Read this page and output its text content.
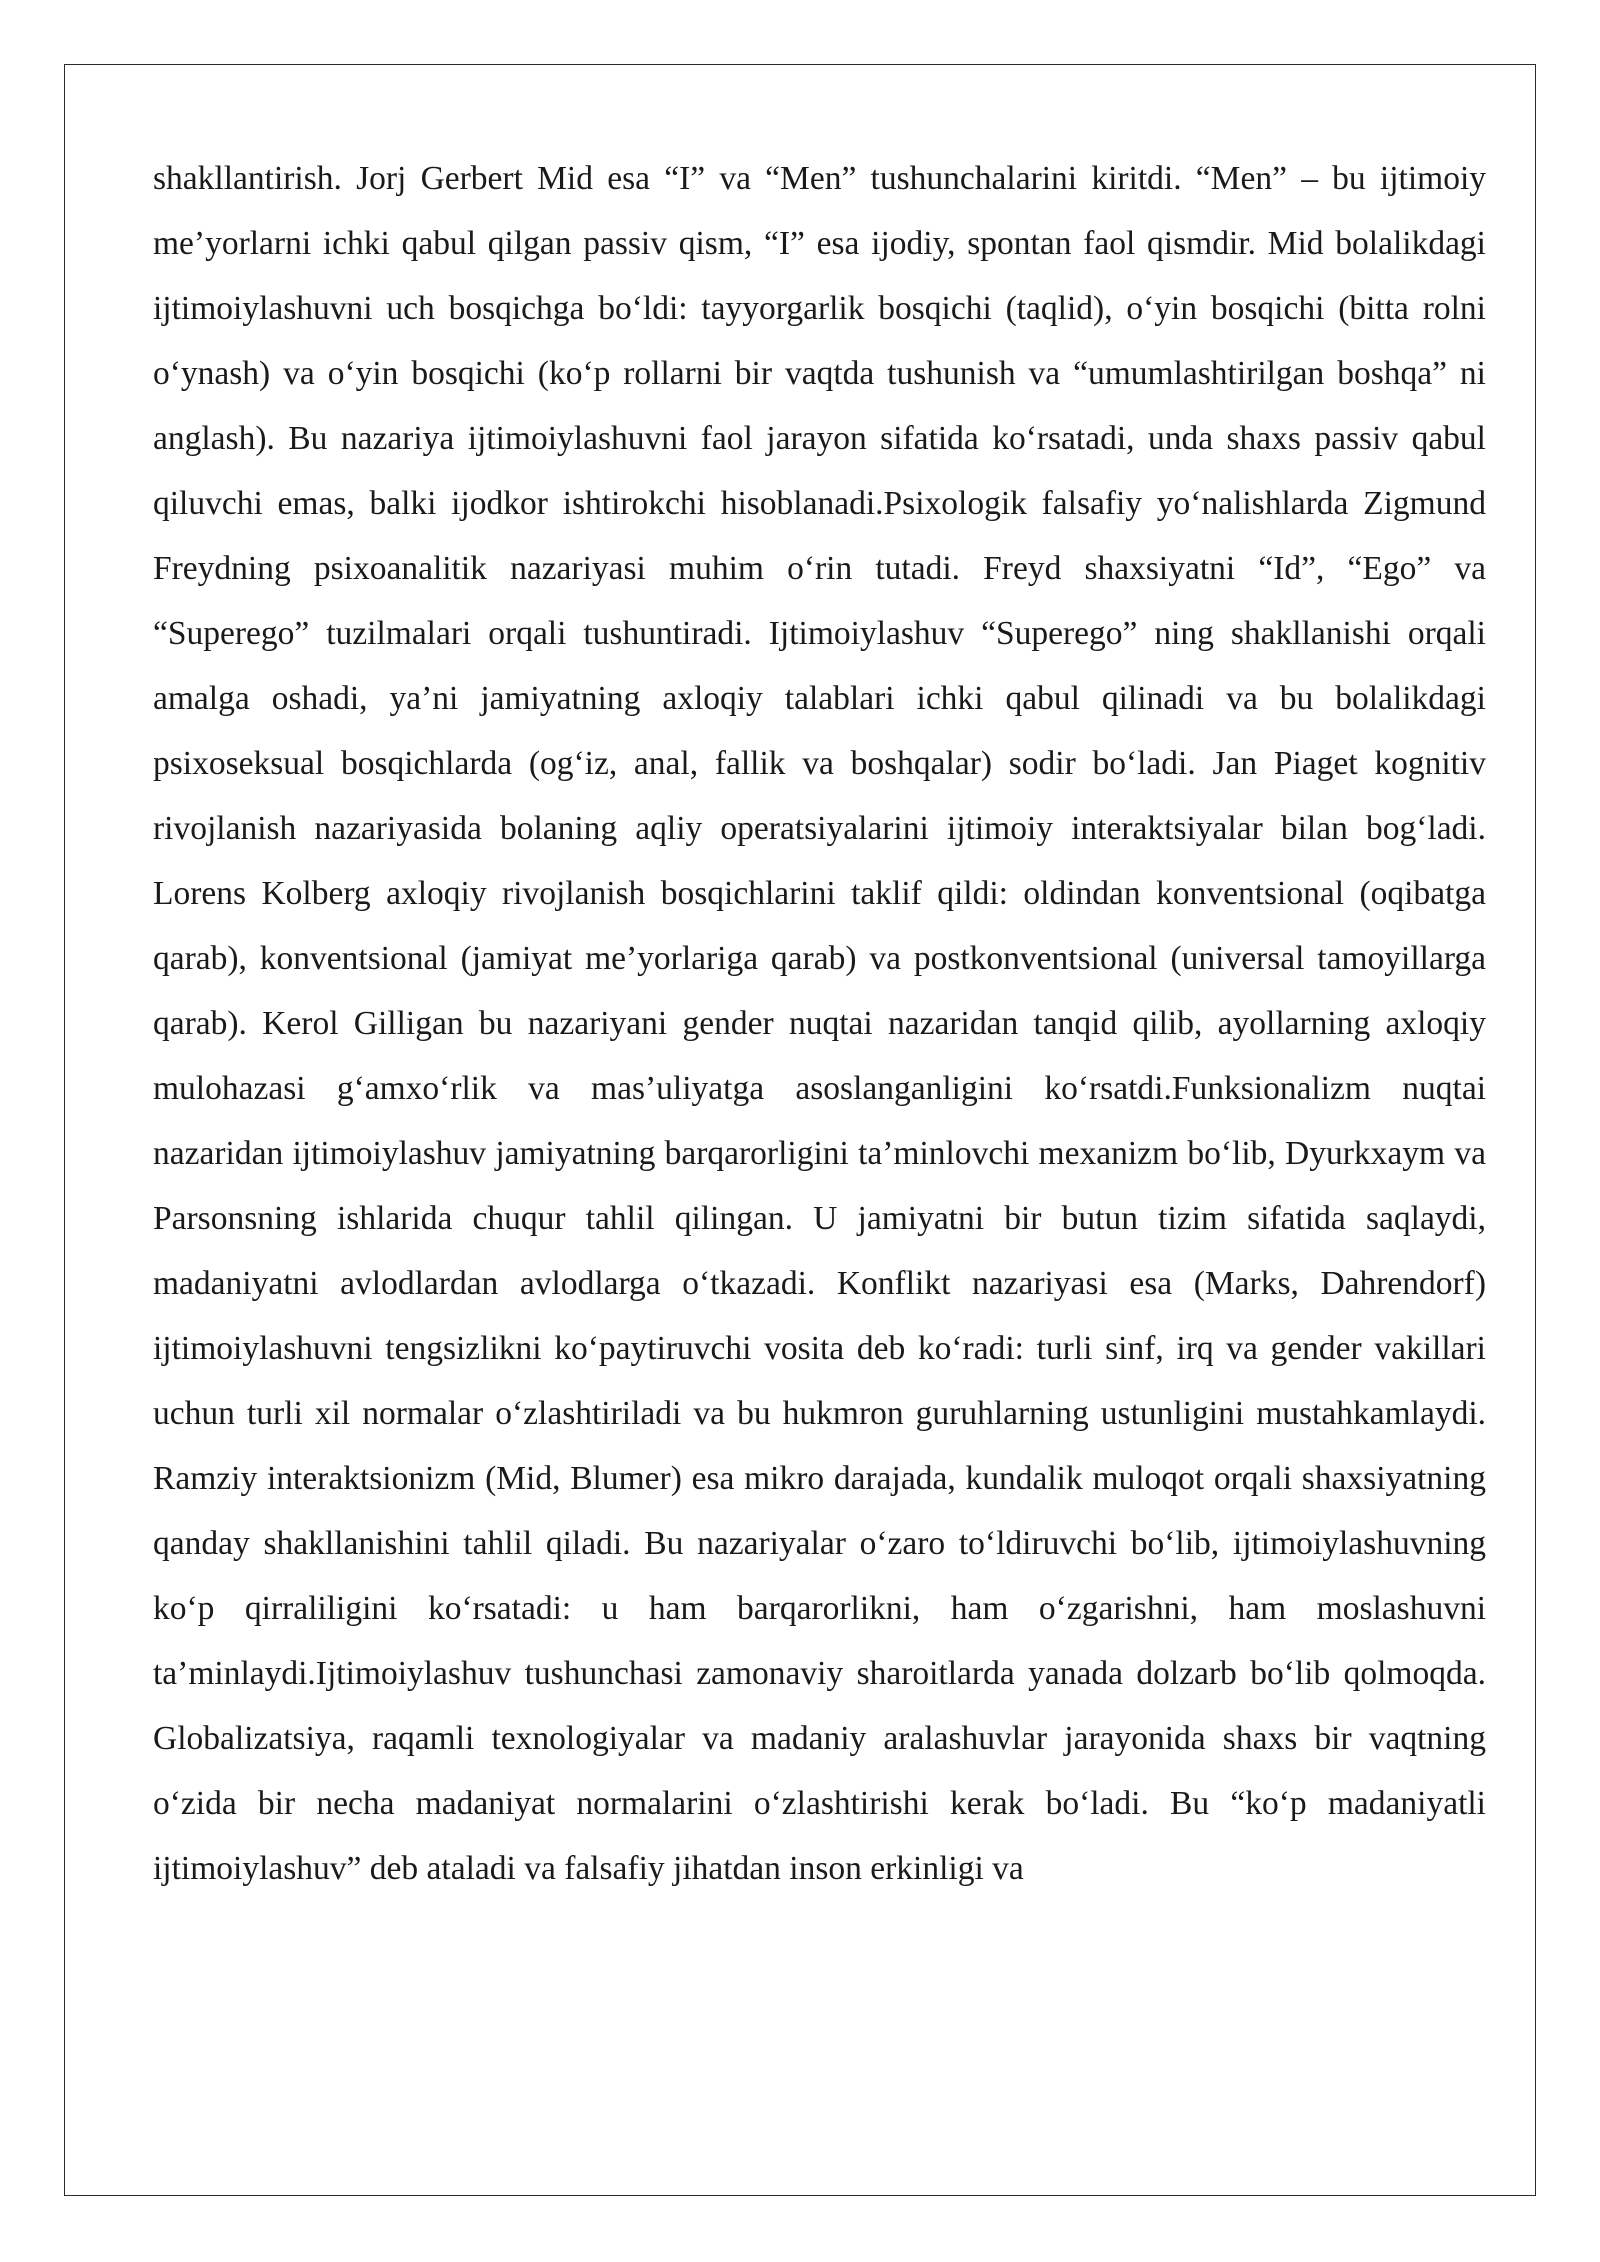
shakllantirish. Jorj Gerbert Mid esa “I” va “Men” tushunchalarini kiritdi. “Men” – bu ijtimoiy me’yorlarni ichki qabul qilgan passiv qism, “I” esa ijodiy, spontan faol qismdir. Mid bolalikdagi ijtimoiylashuvni uch bosqichga bo‘ldi: tayyorgarlik bosqichi (taqlid), o‘yin bosqichi (bitta rolni o‘ynash) va o‘yin bosqichi (ko‘p rollarni bir vaqtda tushunish va “umumlashtirilgan boshqa” ni anglash). Bu nazariya ijtimoiylashuvni faol jarayon sifatida ko‘rsatadi, unda shaxs passiv qabul qiluvchi emas, balki ijodkor ishtirokchi hisoblanadi.Psixologik falsafiy yo‘nalishlarda Zigmund Freydning psixoanalitik nazariyasi muhim o‘rin tutadi. Freyd shaxsiyatni “Id”, “Ego” va “Superego” tuzilmalari orqali tushuntiradi. Ijtimoiylashuv “Superego” ning shakllanishi orqali amalga oshadi, ya’ni jamiyatning axloqiy talablari ichki qabul qilinadi va bu bolalikdagi psixoseksual bosqichlarda (og‘iz, anal, fallik va boshqalar) sodir bo‘ladi. Jan Piaget kognitiv rivojlanish nazariyasida bolaning aqliy operatsiyalarini ijtimoiy interaktsiyalar bilan bog‘ladi. Lorens Kolberg axloqiy rivojlanish bosqichlarini taklif qildi: oldindan konventsional (oqibatga qarab), konventsional (jamiyat me’yorlariga qarab) va postkonventsional (universal tamoyillarga qarab). Kerol Gilligan bu nazariyani gender nuqtai nazaridan tanqid qilib, ayollarning axloqiy mulohazasi g‘amxo‘rlik va mas’uliyatga asoslanganligini ko‘rsatdi.Funksionalizm nuqtai nazaridan ijtimoiylashuv jamiyatning barqarorligini ta’minlovchi mexanizm bo‘lib, Dyurkxaym va Parsonsning ishlarida chuqur tahlil qilingan. U jamiyatni bir butun tizim sifatida saqlaydi, madaniyatni avlodlardan avlodlarga o‘tkazadi. Konflikt nazariyasi esa (Marks, Dahrendorf) ijtimoiylashuvni tengsizlikni ko‘paytiruvchi vosita deb ko‘radi: turli sinf, irq va gender vakillari uchun turli xil normalar o‘zlashtiriladi va bu hukmron guruhlarning ustunligini mustahkamlaydi. Ramziy interaktsionizm (Mid, Blumer) esa mikro darajada, kundalik muloqot orqali shaxsiyatning qanday shakllanishini tahlil qiladi. Bu nazariyalar o‘zaro to‘ldiruvchi bo‘lib, ijtimoiylashuvning ko‘p qirraliligini ko‘rsatadi: u ham barqarorlikni, ham o‘zgarishni, ham moslashuvni ta’minlaydi.Ijtimoiylashuv tushunchasi zamonaviy sharoitlarda yanada dolzarb bo‘lib qolmoqda. Globalizatsiya, raqamli texnologiyalar va madaniy aralashuvlar jarayonida shaxs bir vaqtning o‘zida bir necha madaniyat normalarini o‘zlashtirishi kerak bo‘ladi. Bu “ko‘p madaniyatli ijtimoiylashuv” deb ataladi va falsafiy jihatdan inson erkinligi va
